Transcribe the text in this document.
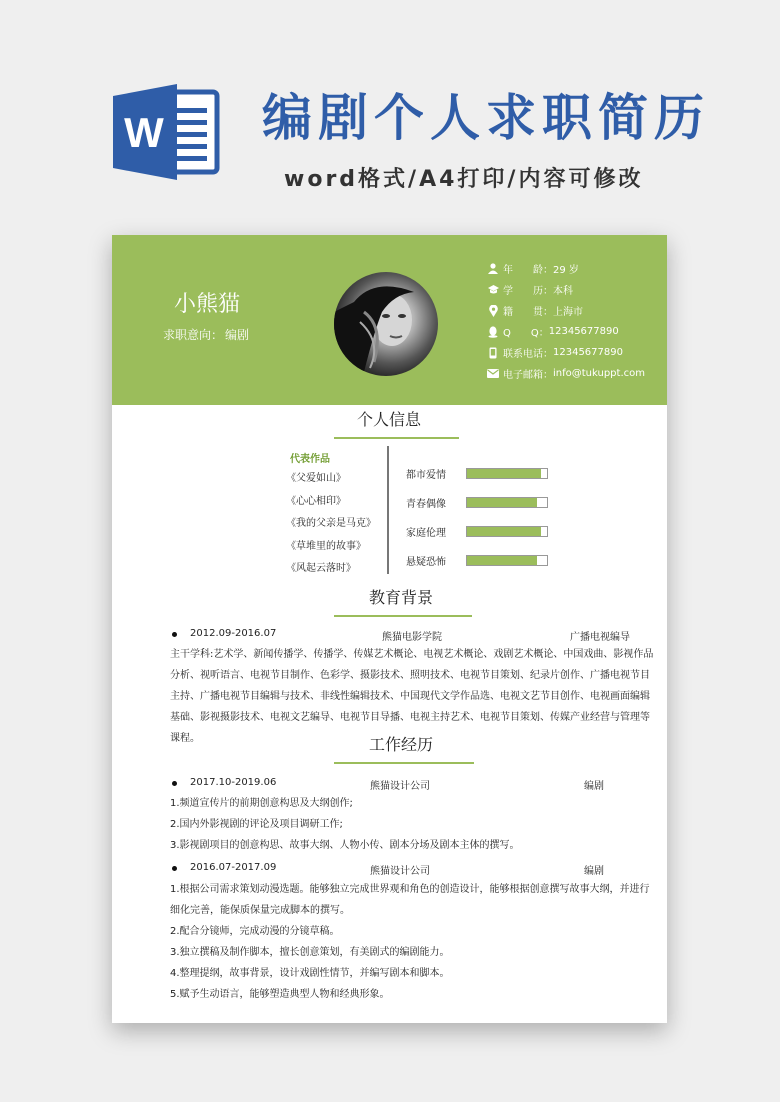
W 编剧个人求职简历
word格式/A4打印/内容可修改
小熊猫
求职意向： 编剧
年　　龄： 29 岁
学　　历： 本科
籍　　贯： 上海市
Q　　Q： 12345677890
联系电话： 12345677890
电子邮箱： info@tukuppt.com
个人信息
代表作品
《父爱如山》
《心心相印》
《我的父亲是马克》
《草堆里的故事》
《风起云落时》
都市爱情
青春偶像
家庭伦理
悬疑恐怖
教育背景
2012.09-2016.07	熊猫电影学院	广播电视编导
主干学科:艺术学、新闻传播学、传播学、传媒艺术概论、电视艺术概论、戏剧艺术概论、中国戏曲、影视作品
分析、视听语言、电视节目制作、色彩学、摄影技术、照明技术、电视节目策划、纪录片创作、广播电视节目
主持、广播电视节目编辑与技术、非线性编辑技术、中国现代文学作品选、电视文艺节目创作、电视画面编辑
基础、影视摄影技术、电视文艺编导、电视节目导播、电视主持艺术、电视节目策划、传媒产业经营与管理等
课程。	工作经历
2017.10-2019.06	熊猫设计公司	编剧
1.频道宣传片的前期创意构思及大纲创作;
2.国内外影视剧的评论及项目调研工作;
3.影视剧项目的创意构思、故事大纲、人物小传、剧本分场及剧本主体的撰写。
2016.07-2017.09	熊猫设计公司	编剧
1.根据公司需求策划动漫选题。能够独立完成世界观和角色的创造设计，能够根据创意撰写故事大纲，并进行
细化完善，能保质保量完成脚本的撰写。
2.配合分镜师，完成动漫的分镜草稿。
3.独立撰稿及制作脚本，擅长创意策划，有美剧式的编剧能力。
4.整理提纲，故事背景，设计戏剧性情节，并编写剧本和脚本。
5.赋予生动语言，能够塑造典型人物和经典形象。
